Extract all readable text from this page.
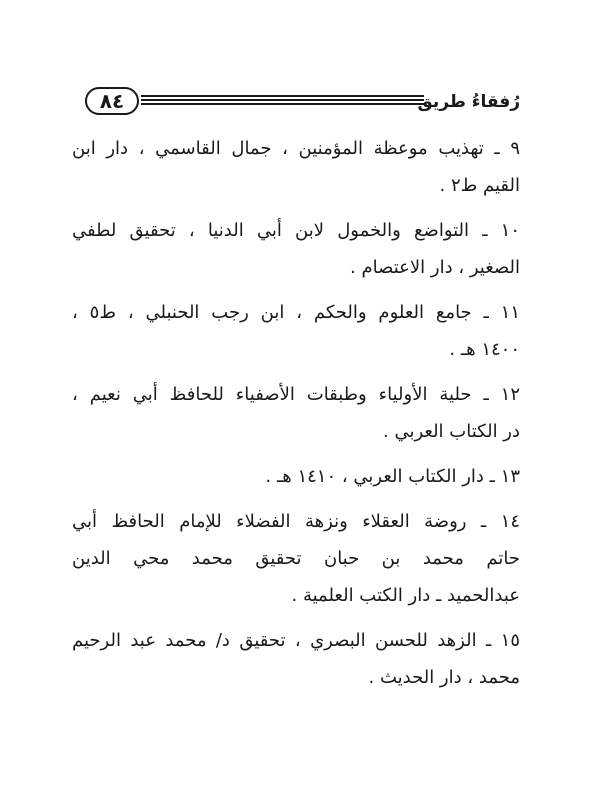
٨٤	رُفقاءُ طريق
٩ ـ تهذيب موعظة المؤمنين ، جمال القاسمي ، دار ابن
القيم ط٢ .
١٠ ـ التواضع والخمول لابن أبي الدنيا ، تحقيق لطفي
الصغير ، دار الاعتصام .
١١ ـ جامع العلوم والحكم ، ابن رجب الحنبلي ، ط٥ ،
١٤٠٠ هـ .
١٢ ـ حلية الأولياء وطبقات الأصفياء للحافظ أبي نعيم ،
در الكتاب العربي .
١٣ ـ دار الكتاب العربي ، ١٤١٠ هـ .
١٤ ـ روضة العقلاء ونزهة الفضلاء للإمام الحافظ أبي
حاتم محمد بن حبان تحقيق محمد محي الدين
عبدالحميد ـ دار الكتب العلمية .
١٥ ـ الزهد للحسن البصري ، تحقيق د/ محمد عبد الرحيم
محمد ، دار الحديث .
